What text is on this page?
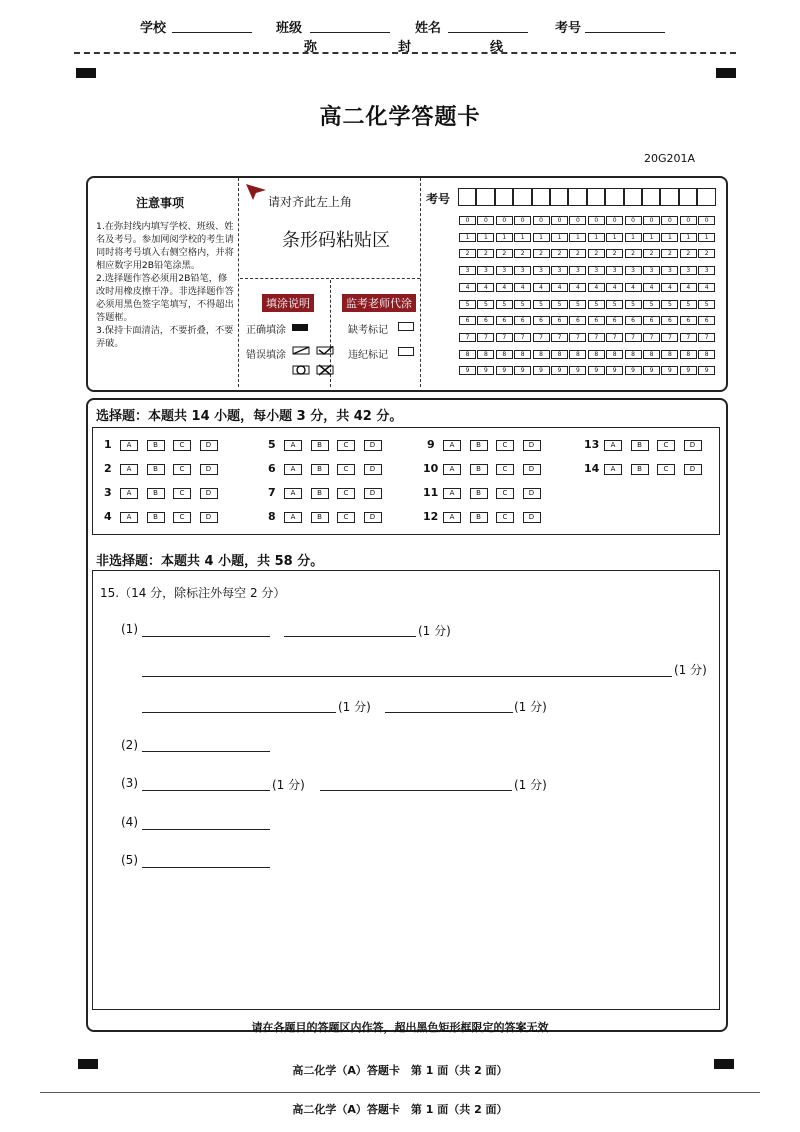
学校	班级	姓名	考号
弥	封	线
高二化学答题卡
20G201A
注意事项

1.在弥封线内填写学校、班级、姓名及考号。参加网阅学校的考生请同时将考号填入右侧空格内，并将相应数字用2B铅笔涂黑。

2.选择题作答必须用2B铅笔，修改时用橡皮擦干净。非选择题作答必须用黑色签字笔填写，不得超出答题框。

3.保持卡面清洁，不要折叠，不要弄破。

请对齐此左上角
条形码粘贴区
填涂说明
正确填涂
错误填涂
监考老师代涂
缺考标记
违纪标记
考号
0	0	0	0	0	0	0	0	0	0	0	0	0	0
1	1	1	1	1	1	1	1	1	1	1	1	1	1
2	2	2	2	2	2	2	2	2	2	2	2	2	2
3	3	3	3	3	3	3	3	3	3	3	3	3	3
4	4	4	4	4	4	4	4	4	4	4	4	4	4
5	5	5	5	5	5	5	5	5	5	5	5	5	5
6	6	6	6	6	6	6	6	6	6	6	6	6	6
7	7	7	7	7	7	7	7	7	7	7	7	7	7
8	8	8	8	8	8	8	8	8	8	8	8	8	8
9	9	9	9	9	9	9	9	9	9	9	9	9	9
选择题：本题共 14 小题，每小题 3 分，共 42 分。
1	A	B	C	D
2	A	B	C	D
3	A	B	C	D
4	A	B	C	D
5	A	B	C	D
6	A	B	C	D
7	A	B	C	D
8	A	B	C	D
9	A	B	C	D
10	A	B	C	D
11	A	B	C	D
12	A	B	C	D
13	A	B	C	D
14	A	B	C	D
非选择题：本题共 4 小题，共 58 分。
15.（14 分，除标注外每空 2 分）
(1)	(1 分)
(1 分)
(1 分)	(1 分)
(2)
(3)	(1 分)	(1 分)
(4)
(5)
请在各题目的答题区内作答，超出黑色矩形框限定的答案无效
高二化学（A）答题卡　第 1 面（共 2 面）
高二化学（A）答题卡　第 1 面（共 2 面）
